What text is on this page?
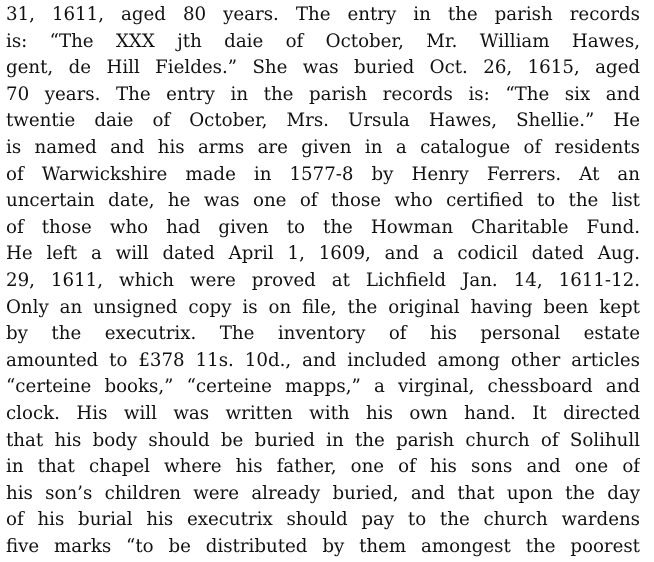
31, 1611, aged 80 years. The entry in the parish records
is: “The XXX jth daie of October, Mr. William Hawes,
gent, de Hill Fieldes.” She was buried Oct. 26, 1615, aged
70 years. The entry in the parish records is: “The six and
twentie daie of October, Mrs. Ursula Hawes, Shellie.” He
is named and his arms are given in a catalogue of residents
of Warwickshire made in 1577-8 by Henry Ferrers. At an
uncertain date, he was one of those who certified to the list
of those who had given to the Howman Charitable Fund.
He left a will dated April 1, 1609, and a codicil dated Aug.
29, 1611, which were proved at Lichfield Jan. 14, 1611-12.
Only an unsigned copy is on file, the original having been kept
by the executrix. The inventory of his personal estate
amounted to £378 11s. 10d., and included among other articles
“certeine books,” “certeine mapps,” a virginal, chessboard and
clock. His will was written with his own hand. It directed
that his body should be buried in the parish church of Solihull
in that chapel where his father, one of his sons and one of
his son’s children were already buried, and that upon the day
of his burial his executrix should pay to the church wardens
five marks “to be distributed by them amongest the poorest
